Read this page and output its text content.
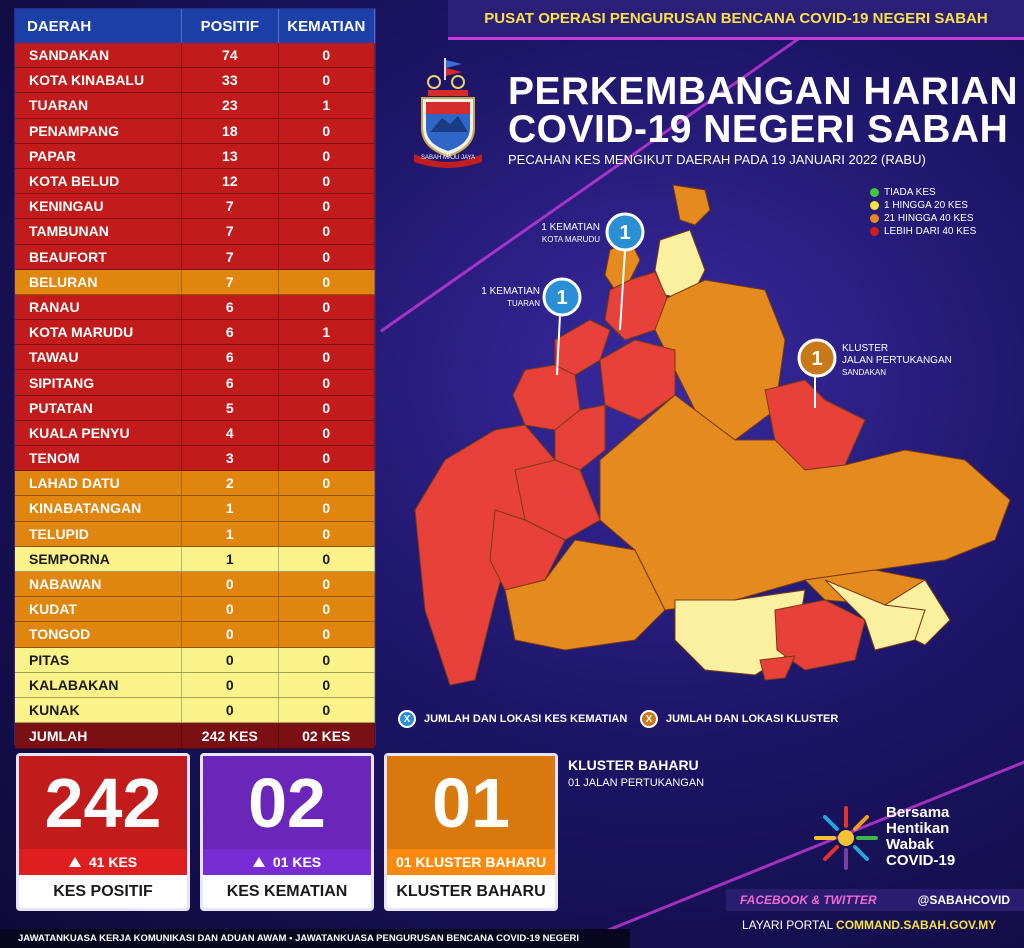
PUSAT OPERASI PENGURUSAN BENCANA COVID-19 NEGERI SABAH
DAERAH	POSITIF	KEMATIAN
SANDAKAN	74	0
KOTA KINABALU	33	0
TUARAN	23	1
PENAMPANG	18	0
PAPAR	13	0
KOTA BELUD	12	0
KENINGAU	7	0
TAMBUNAN	7	0
BEAUFORT	7	0
BELURAN	7	0
RANAU	6	0
KOTA MARUDU	6	1
TAWAU	6	0
SIPITANG	6	0
PUTATAN	5	0
KUALA PENYU	4	0
TENOM	3	0
LAHAD DATU	2	0
KINABATANGAN	1	0
TELUPID	1	0
SEMPORNA	1	0
NABAWAN	0	0
KUDAT	0	0
TONGOD	0	0
PITAS	0	0
KALABAKAN	0	0
KUNAK	0	0
JUMLAH	242 KES	02 KES
SABAH MAJU JAYA
PERKEMBANGAN HARIAN
COVID-19 NEGERI SABAH
PECAHAN KES MENGIKUT DAERAH PADA 19 JANUARI 2022 (RABU)
TIADA KES
1 HINGGA 20 KES
21 HINGGA 40 KES
LEBIH DARI 40 KES
1
1
1
1 KEMATIAN
KOTA MARUDU
1 KEMATIAN
TUARAN
KLUSTER
JALAN PERTUKANGAN
SANDAKAN
X	JUMLAH DAN LOKASI KES KEMATIAN	X	JUMLAH DAN LOKASI KLUSTER
242
41 KES
KES POSITIF
02
01 KES
KES KEMATIAN
01
01 KLUSTER BAHARU
KLUSTER BAHARU
KLUSTER BAHARU
01 JALAN PERTUKANGAN
Bersama
Hentikan
Wabak
COVID-19
FACEBOOK & TWITTER	@SABAHCOVID
LAYARI PORTAL COMMAND.SABAH.GOV.MY
JAWATANKUASA KERJA KOMUNIKASI DAN ADUAN AWAM • JAWATANKUASA PENGURUSAN BENCANA COVID-19 NEGERI
